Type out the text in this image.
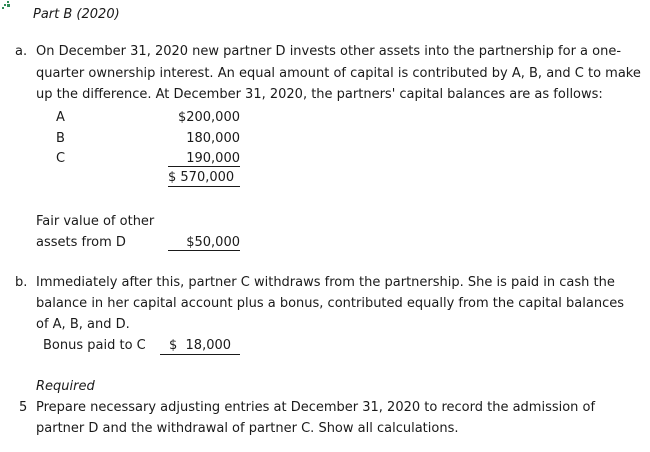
Part B (2020)
a. On December 31, 2020 new partner D invests other assets into the partnership for a one-
quarter ownership interest. An equal amount of capital is contributed by A, B, and C to make
up the difference. At December 31, 2020, the partners' capital balances are as follows:
A	$200,000
B	180,000
C	190,000
$ 570,000
Fair value of other
assets from D	$50,000
b. Immediately after this, partner C withdraws from the partnership. She is paid in cash the
balance in her capital account plus a bonus, contributed equally from the capital balances
of A, B, and D.
Bonus paid to C $  18,000
Required
5 Prepare necessary adjusting entries at December 31, 2020 to record the admission of
partner D and the withdrawal of partner C. Show all calculations.
